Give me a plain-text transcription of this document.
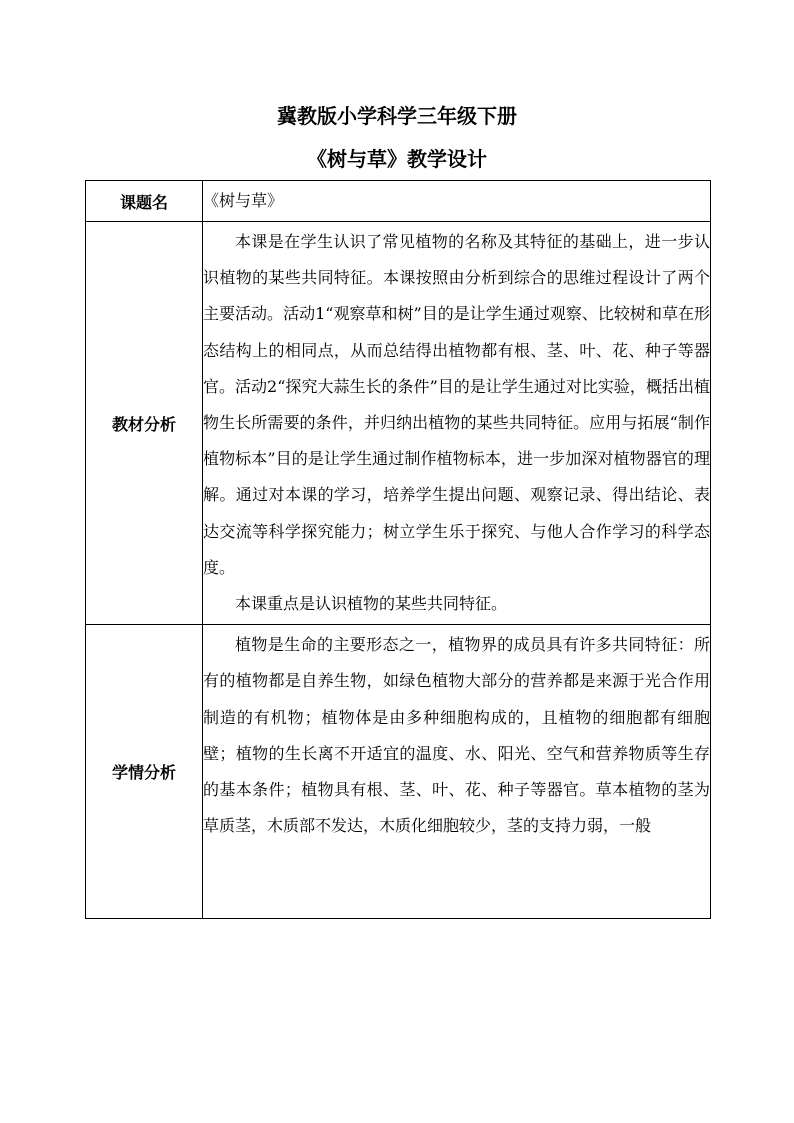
冀教版小学科学三年级下册
《树与草》教学设计
课题名	《树与草》
教材分析	本课是在学生认识了常见植物的名称及其特征的基础上，进一步认识植物的某些共同特征。本课按照由分析到综合的思维过程设计了两个主要活动。活动1“观察草和树”目的是让学生通过观察、比较树和草在形态结构上的相同点，从而总结得出植物都有根、茎、叶、花、种子等器官。活动2“探究大蒜生长的条件”目的是让学生通过对比实验，概括出植物生长所需要的条件，并归纳出植物的某些共同特征。应用与拓展“制作植物标本”目的是让学生通过制作植物标本，进一步加深对植物器官的理解。通过对本课的学习，培养学生提出问题、观察记录、得出结论、表达交流等科学探究能力；树立学生乐于探究、与他人合作学习的科学态度。

本课重点是认识植物的某些共同特征。

学情分析	植物是生命的主要形态之一，植物界的成员具有许多共同特征：所有的植物都是自养生物，如绿色植物大部分的营养都是来源于光合作用制造的有机物；植物体是由多种细胞构成的，且植物的细胞都有细胞壁；植物的生长离不开适宜的温度、水、阳光、空气和营养物质等生存的基本条件；植物具有根、茎、叶、花、种子等器官。草本植物的茎为草质茎，木质部不发达，木质化细胞较少，茎的支持力弱，一般
